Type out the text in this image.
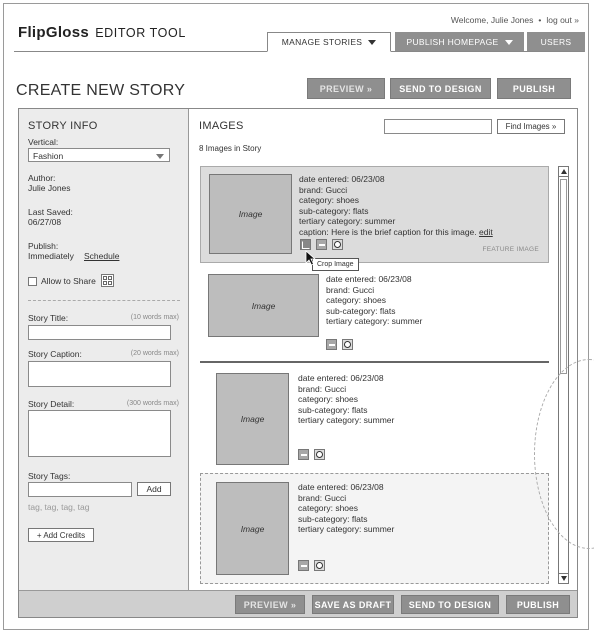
FlipGloss EDITOR TOOL
Welcome, Julie Jones • log out »
MANAGE STORIES	PUBLISH HOMEPAGE	USERS
CREATE NEW STORY	PREVIEW »	SEND TO DESIGN	PUBLISH
STORY INFO
Vertical:
Fashion
Author:
Julie Jones
Last Saved:
06/27/08
Publish:
Immediately Schedule
Allow to Share
Story Title:	(10 words max)
Story Caption:	(20 words max)
Story Detail:	(300 words max)
Story Tags:
Add
tag, tag, tag, tag
+ Add Credits
IMAGES	Find Images »
8 Images in Story
Image
date entered: 06/23/08
brand: Gucci
category: shoes
sub-category: flats
tertiary category: summer
caption: Here is the brief caption for this image. edit
FEATURE IMAGE
Crop Image
Image
date entered: 06/23/08
brand: Gucci
category: shoes
sub-category: flats
tertiary category: summer
Image
date entered: 06/23/08
brand: Gucci
category: shoes
sub-category: flats
tertiary category: summer
Image
date entered: 06/23/08
brand: Gucci
category: shoes
sub-category: flats
tertiary category: summer
PREVIEW »	SAVE AS DRAFT	SEND TO DESIGN	PUBLISH
